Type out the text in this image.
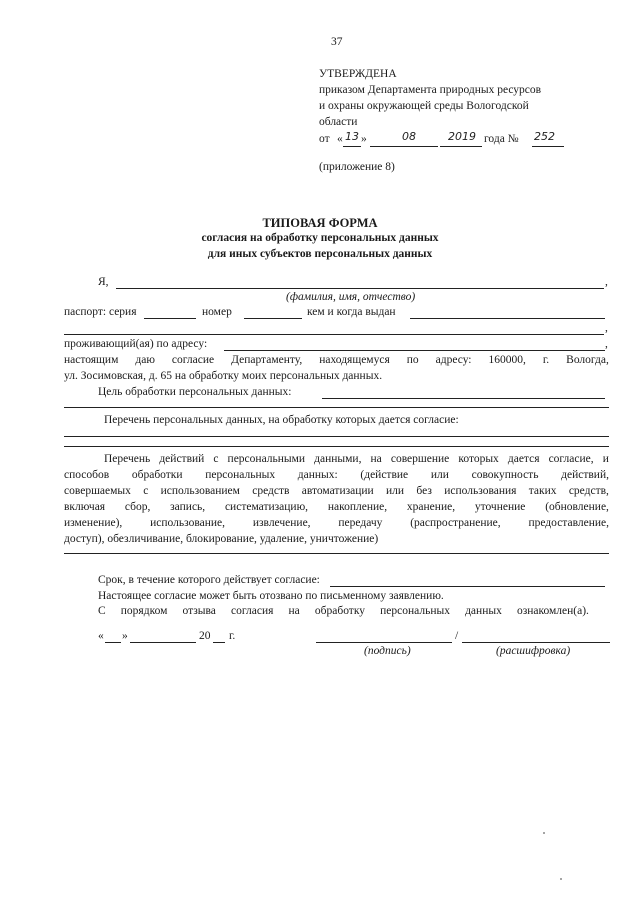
37
УТВЕРЖДЕНА
приказом Департамента природных ресурсов
и охраны окружающей среды Вологодской
области
от « 13 »	08	2019 года № 252
(приложение 8)
ТИПОВАЯ ФОРМА
согласия на обработку персональных данных
для иных субъектов персональных данных
Я,	,
(фамилия, имя, отчество)
паспорт: серия	номер	кем и когда выдан
,
проживающий(ая) по адресу:	,
настоящим даю согласие Департаменту, находящемуся по адресу: 160000, г. Вологда,
ул. Зосимовская, д. 65 на обработку моих персональных данных.
Цель обработки персональных данных:
Перечень персональных данных, на обработку которых дается согласие:
Перечень действий с персональными данными, на совершение которых дается согласие, и
способов обработки персональных данных: (действие или совокупность действий,
совершаемых с использованием средств автоматизации или без использования таких средств,
включая сбор, запись, систематизацию, накопление, хранение, уточнение (обновление,
изменение), использование, извлечение, передачу (распространение, предоставление,
доступ), обезличивание, блокирование, удаление, уничтожение)
Срок, в течение которого действует согласие:
Настоящее согласие может быть отозвано по письменному заявлению.
С порядком отзыва согласия на обработку персональных данных ознакомлен(а).
« »	20 г.	/
(подпись)	(расшифровка)
